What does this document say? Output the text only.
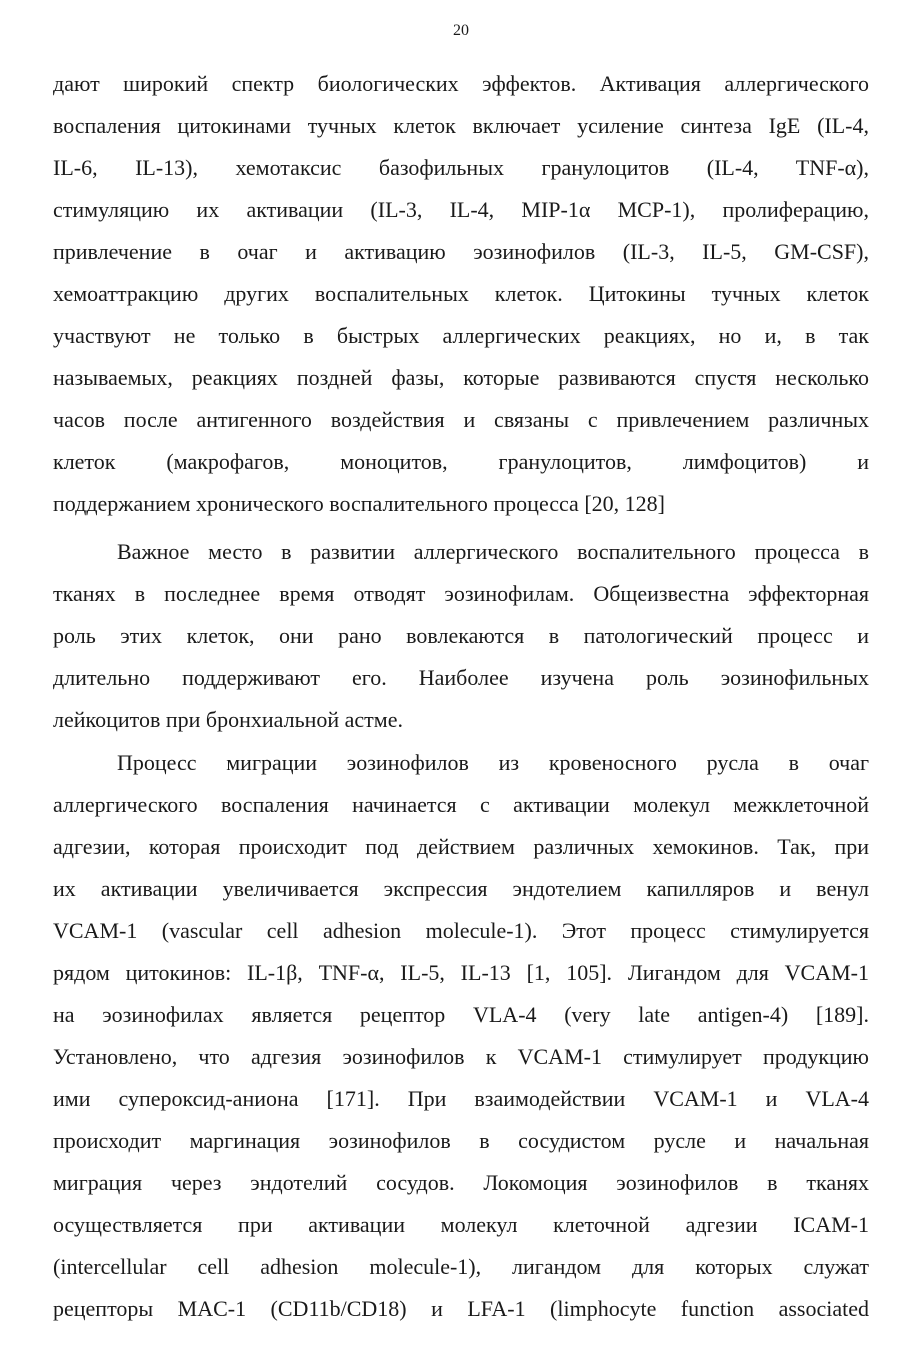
20
дают широкий спектр биологических эффектов. Активация аллергического
воспаления цитокинами тучных клеток включает усиление синтеза IgE (IL-4,
IL-6, IL-13), хемотаксис базофильных гранулоцитов (IL-4, TNF-α),
стимуляцию их активации (IL-3, IL-4, MIP-1α MCP-1), пролиферацию,
привлечение в очаг и активацию эозинофилов (IL-3, IL-5, GM-CSF),
хемоаттракцию других воспалительных клеток. Цитокины тучных клеток
участвуют не только в быстрых аллергических реакциях, но и, в так
называемых, реакциях поздней фазы, которые развиваются спустя несколько
часов после антигенного воздействия и связаны с привлечением различных
клеток (макрофагов, моноцитов, гранулоцитов, лимфоцитов) и
поддержанием хронического воспалительного процесса [20, 128]
Важное место в развитии аллергического воспалительного процесса в
тканях в последнее время отводят эозинофилам. Общеизвестна эффекторная
роль этих клеток, они рано вовлекаются в патологический процесс и
длительно поддерживают его. Наиболее изучена роль эозинофильных
лейкоцитов при бронхиальной астме.
Процесс миграции эозинофилов из кровеносного русла в очаг
аллергического воспаления начинается с активации молекул межклеточной
адгезии, которая происходит под действием различных хемокинов. Так, при
их активации увеличивается экспрессия эндотелием капилляров и венул
VCAM-1 (vascular cell adhesion molecule-1). Этот процесс стимулируется
рядом цитокинов: IL-1β, TNF-α, IL-5, IL-13 [1, 105]. Лигандом для VCAM-1
на эозинофилах является рецептор VLA-4 (very late antigen-4) [189].
Установлено, что адгезия эозинофилов к VCAM-1 стимулирует продукцию
ими супероксид-аниона [171]. При взаимодействии VCAM-1 и VLA-4
происходит маргинация эозинофилов в сосудистом русле и начальная
миграция через эндотелий сосудов. Локомоция эозинофилов в тканях
осуществляется при активации молекул клеточной адгезии ICAM-1
(intercellular cell adhesion molecule-1), лигандом для которых служат
рецепторы MAC-1 (CD11b/CD18) и LFA-1 (limphocyte function associated
